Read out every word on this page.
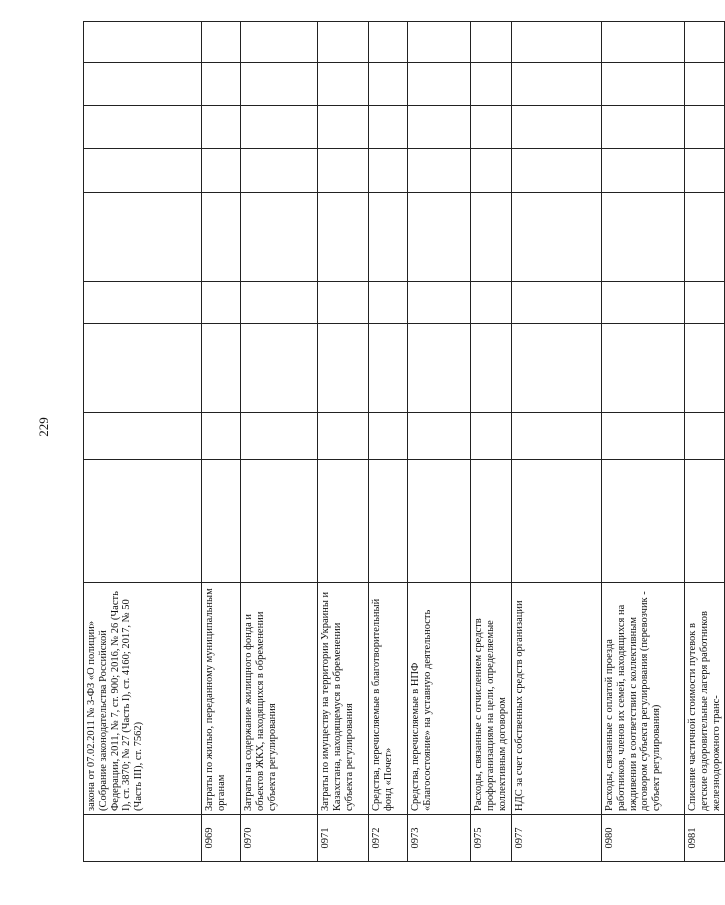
229
	закона от 07.02.2011 № 3-ФЗ «О полиции» (Собрание законодательства Российской Федерации, 2011, № 7, ст. 900; 2016, № 26 (Часть I), ст. 3870; № 27 (Часть I), ст. 4160; 2017, № 50 (Часть III), ст. 7562)									
0969	Затраты по жилью, переданному муниципальным органам									
0970	Затраты на содержание жилищного фонда и объектов ЖКХ, находящихся в обременении субъекта регулирования									
0971	Затраты по имуществу на территории Украины и Казахстана, находящемуся в обременении субъекта регулирования									
0972	Средства, перечисляемые в благотворительный фонд «Почет»									
0973	Средства, перечисляемые в НПФ «Благосостояние» на уставную деятельность									
0975	Расходы, связанные с отчислением средств профорганизациям на цели, определяемые коллективным договором									
0977	НДС за счет собственных средств организации									
0980	Расходы, связанные с оплатой проезда работников, членов их семей, находящихся на иждивении в соответствии с коллективным договором субъекта регулирования (перевозчик - субъект регулирования)									
0981	Списание частичной стоимости путевок в детские оздоровительные лагеря работников железнодорожного транс-									
